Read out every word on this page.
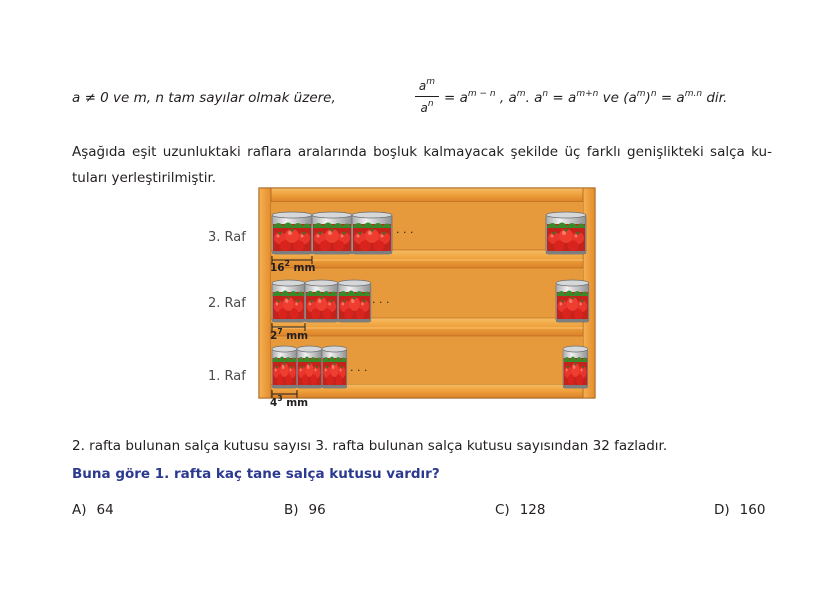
a ≠ 0 ve m, n tam sayılar olmak üzere,
$a^m$
$a^n = a^{m - n}$ , $a^m$. $a^n = a^{m+n}$ ve $(a^m)^n = a^{m.n}$ dir.
Aşağıda eşit uzunluktaki raflara aralarında boşluk kalmayacak şekilde üç farklı genişlikteki salça ku-
tuları yerleştirilmiştir.
· · ·
· · ·
· · ·
3. Raf
2. Raf
1. Raf
$16^2$ mm
$2^7$ mm
$4^3$ mm
2. rafta bulunan salça kutusu sayısı 3. rafta bulunan salça kutusu sayısından 32 fazladır.
Buna göre 1. rafta kaç tane salça kutusu vardır?
A) 64	B) 96	C) 128	D) 160
